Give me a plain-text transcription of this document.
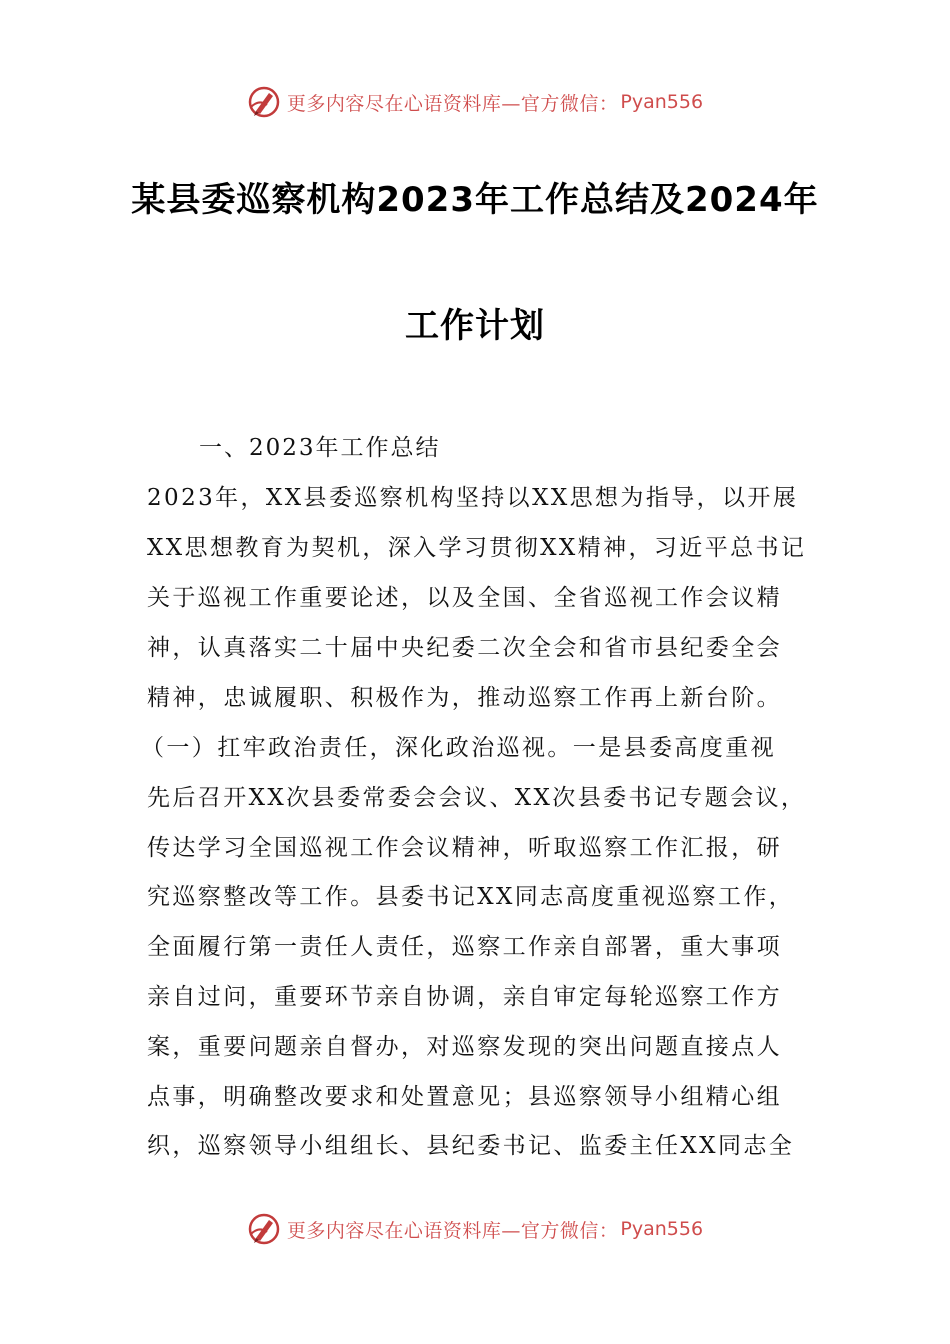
更多内容尽在心语资料库—官方微信： Pyan556
某县委巡察机构2023年工作总结及2024年
工作计划
一、2023年工作总结
2023年，XX县委巡察机构坚持以XX思想为指导，以开展
XX思想教育为契机，深入学习贯彻XX精神，习近平总书记
关于巡视工作重要论述，以及全国、全省巡视工作会议精
神，认真落实二十届中央纪委二次全会和省市县纪委全会
精神，忠诚履职、积极作为，推动巡察工作再上新台阶。
（一）扛牢政治责任，深化政治巡视。一是县委高度重视
先后召开XX次县委常委会会议、XX次县委书记专题会议，
传达学习全国巡视工作会议精神，听取巡察工作汇报，研
究巡察整改等工作。县委书记XX同志高度重视巡察工作，
全面履行第一责任人责任，巡察工作亲自部署，重大事项
亲自过问，重要环节亲自协调，亲自审定每轮巡察工作方
案，重要问题亲自督办，对巡察发现的突出问题直接点人
点事，明确整改要求和处置意见；县巡察领导小组精心组
织，巡察领导小组组长、县纪委书记、监委主任XX同志全
更多内容尽在心语资料库—官方微信： Pyan556
